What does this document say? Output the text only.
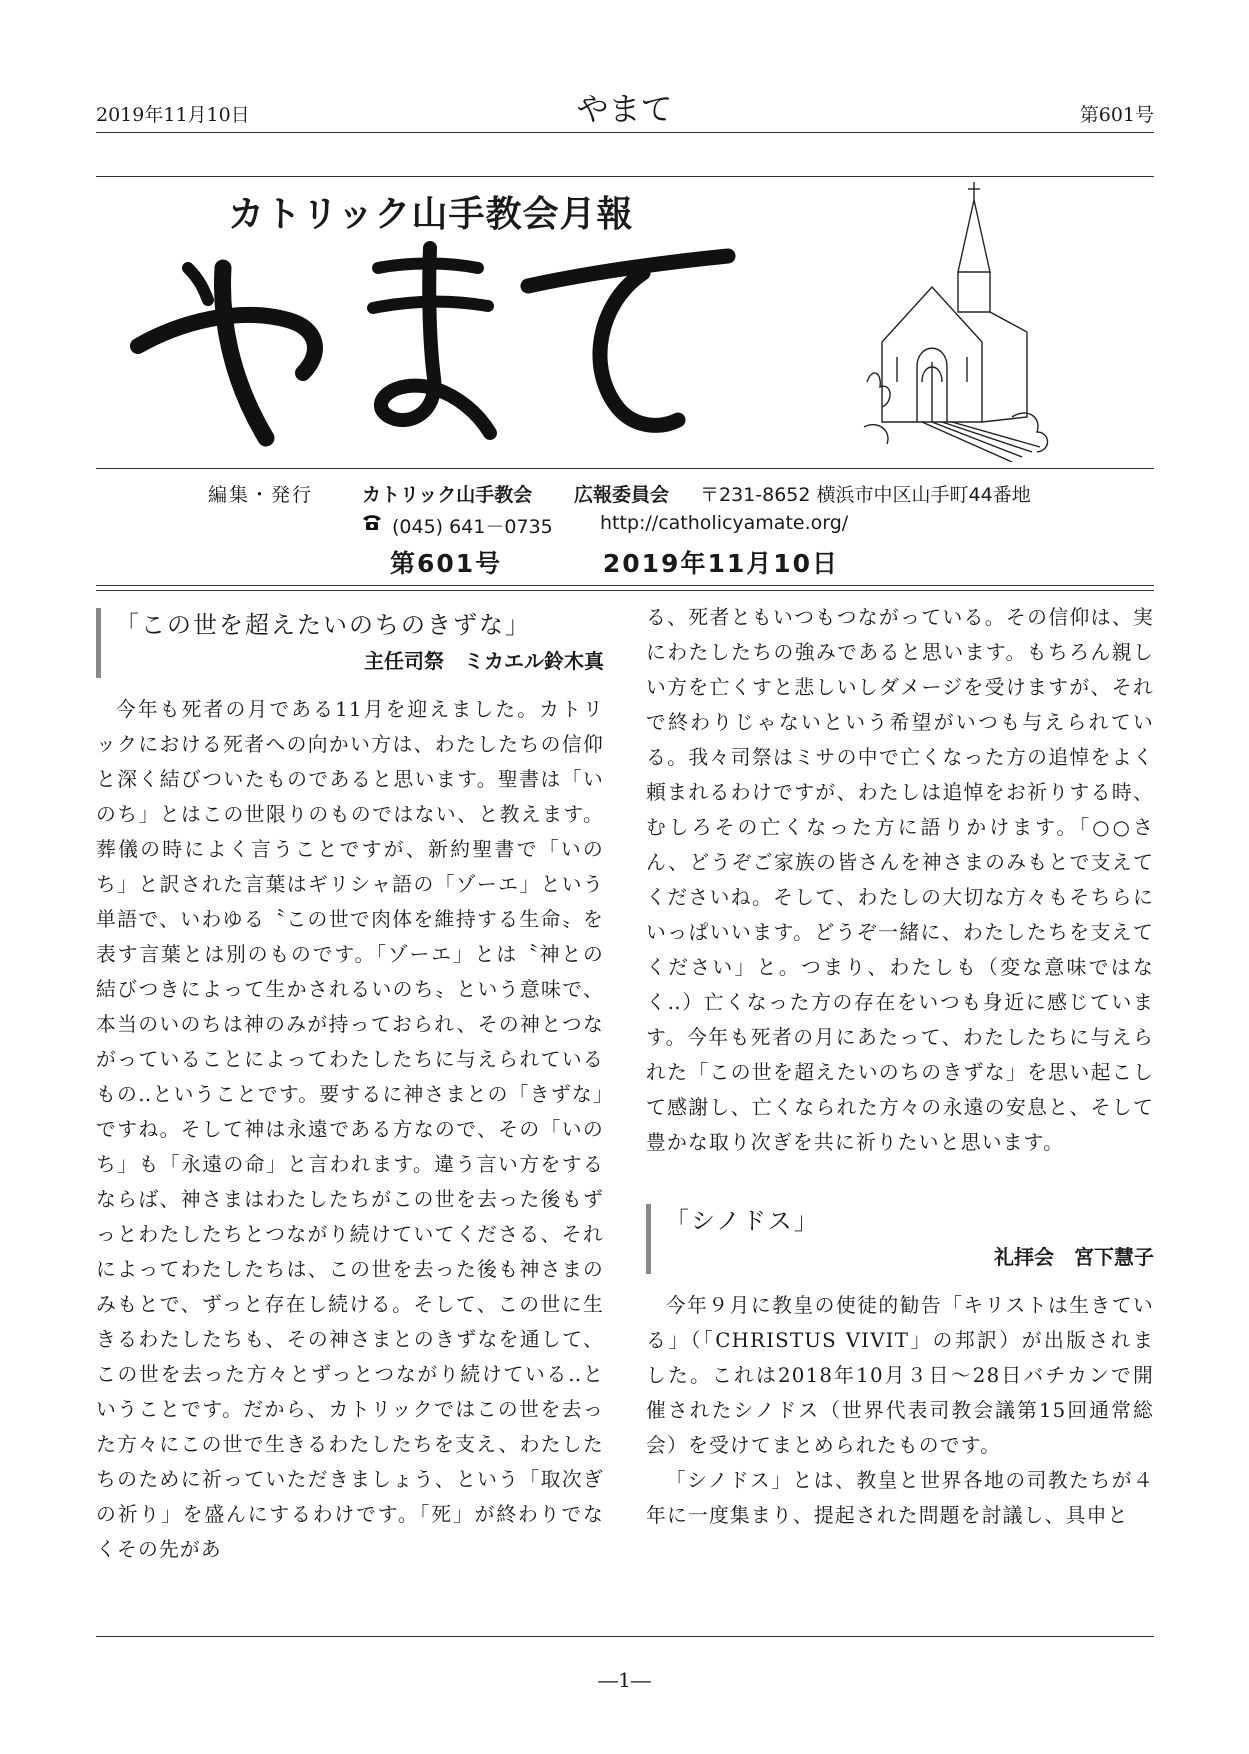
2019年11月10日	やまて	第601号
カトリック山手教会月報
編集・発行	カトリック山手教会 広報委員会 〒231-8652 横浜市中区山手町44番地
(045) 641－0735 http://catholicyamate.org/
第601号	2019年11月10日
「この世を超えたいのちのきずな」
主任司祭　ミカエル鈴木真

今年も死者の月である11月を迎えました。カトリックにおける死者への向かい方は、わたしたちの信仰と深く結びついたものであると思います。聖書は「いのち」とはこの世限りのものではない、と教えます。葬儀の時によく言うことですが、新約聖書で「いのち」と訳された言葉はギリシャ語の「ゾーエ」という単語で、いわゆる〝この世で肉体を維持する生命〟を表す言葉とは別のものです。「ゾーエ」とは〝神との結びつきによって生かされるいのち〟という意味で、本当のいのちは神のみが持っておられ、その神とつながっていることによってわたしたちに与えられているもの‥ということです。要するに神さまとの「きずな」ですね。そして神は永遠である方なので、その「いのち」も「永遠の命」と言われます。違う言い方をするならば、神さまはわたしたちがこの世を去った後もずっとわたしたちとつながり続けていてくださる、それによってわたしたちは、この世を去った後も神さまのみもとで、ずっと存在し続ける。そして、この世に生きるわたしたちも、その神さまとのきずなを通して、この世を去った方々とずっとつながり続けている‥ということです。だから、カトリックではこの世を去った方々にこの世で生きるわたしたちを支え、わたしたちのために祈っていただきましょう、という「取次ぎの祈り」を盛んにするわけです。「死」が終わりでなくその先があ

る、死者ともいつもつながっている。その信仰は、実にわたしたちの強みであると思います。もちろん親しい方を亡くすと悲しいしダメージを受けますが、それで終わりじゃないという希望がいつも与えられている。我々司祭はミサの中で亡くなった方の追悼をよく頼まれるわけですが、わたしは追悼をお祈りする時、むしろその亡くなった方に語りかけます。「○○さん、どうぞご家族の皆さんを神さまのみもとで支えてくださいね。そして、わたしの大切な方々もそちらにいっぱいいます。どうぞ一緒に、わたしたちを支えてください」と。つまり、わたしも（変な意味ではなく‥）亡くなった方の存在をいつも身近に感じています。今年も死者の月にあたって、わたしたちに与えられた「この世を超えたいのちのきずな」を思い起こして感謝し、亡くなられた方々の永遠の安息と、そして豊かな取り次ぎを共に祈りたいと思います。

「シノドス」
礼拝会　宮下慧子

今年９月に教皇の使徒的勧告「キリストは生きている」（「CHRISTUS VIVIT」の邦訳）が出版されました。これは2018年10月３日～28日バチカンで開催されたシノドス（世界代表司教会議第15回通常総会）を受けてまとめられたものです。

「シノドス」とは、教皇と世界各地の司教たちが４年に一度集まり、提起された問題を討議し、具申と

―1―
